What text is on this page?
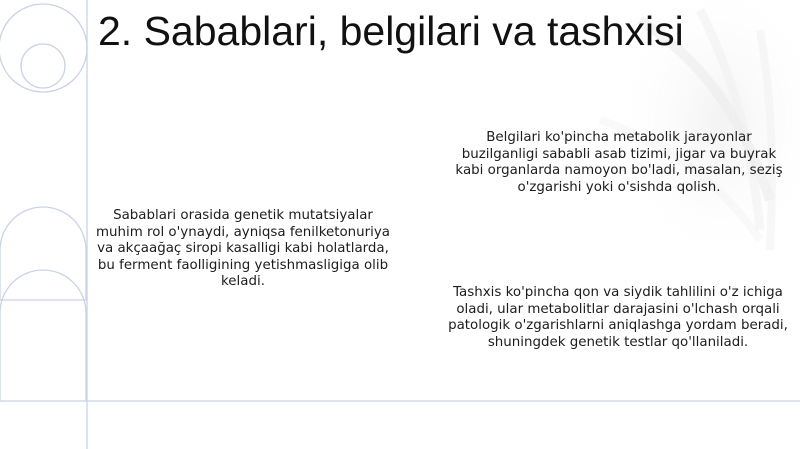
2. Sabablari, belgilari va tashxisi

Sabablari orasida genetik mutatsiyalar muhim rol o'ynaydi, ayniqsa fenilketonuriya va akçaağaç siropi kasalligi kabi holatlarda, bu ferment faolligining yetishmasligiga olib keladi.

Belgilari ko'pincha metabolik jarayonlar buzilganligi sababli asab tizimi, jigar va buyrak kabi organlarda namoyon bo'ladi, masalan, seziş o'zgarishi yoki o'sishda qolish.

Tashxis ko'pincha qon va siydik tahlilini o'z ichiga oladi, ular metabolitlar darajasini o'lchash orqali patologik o'zgarishlarni aniqlashga yordam beradi, shuningdek genetik testlar qo'llaniladi.
